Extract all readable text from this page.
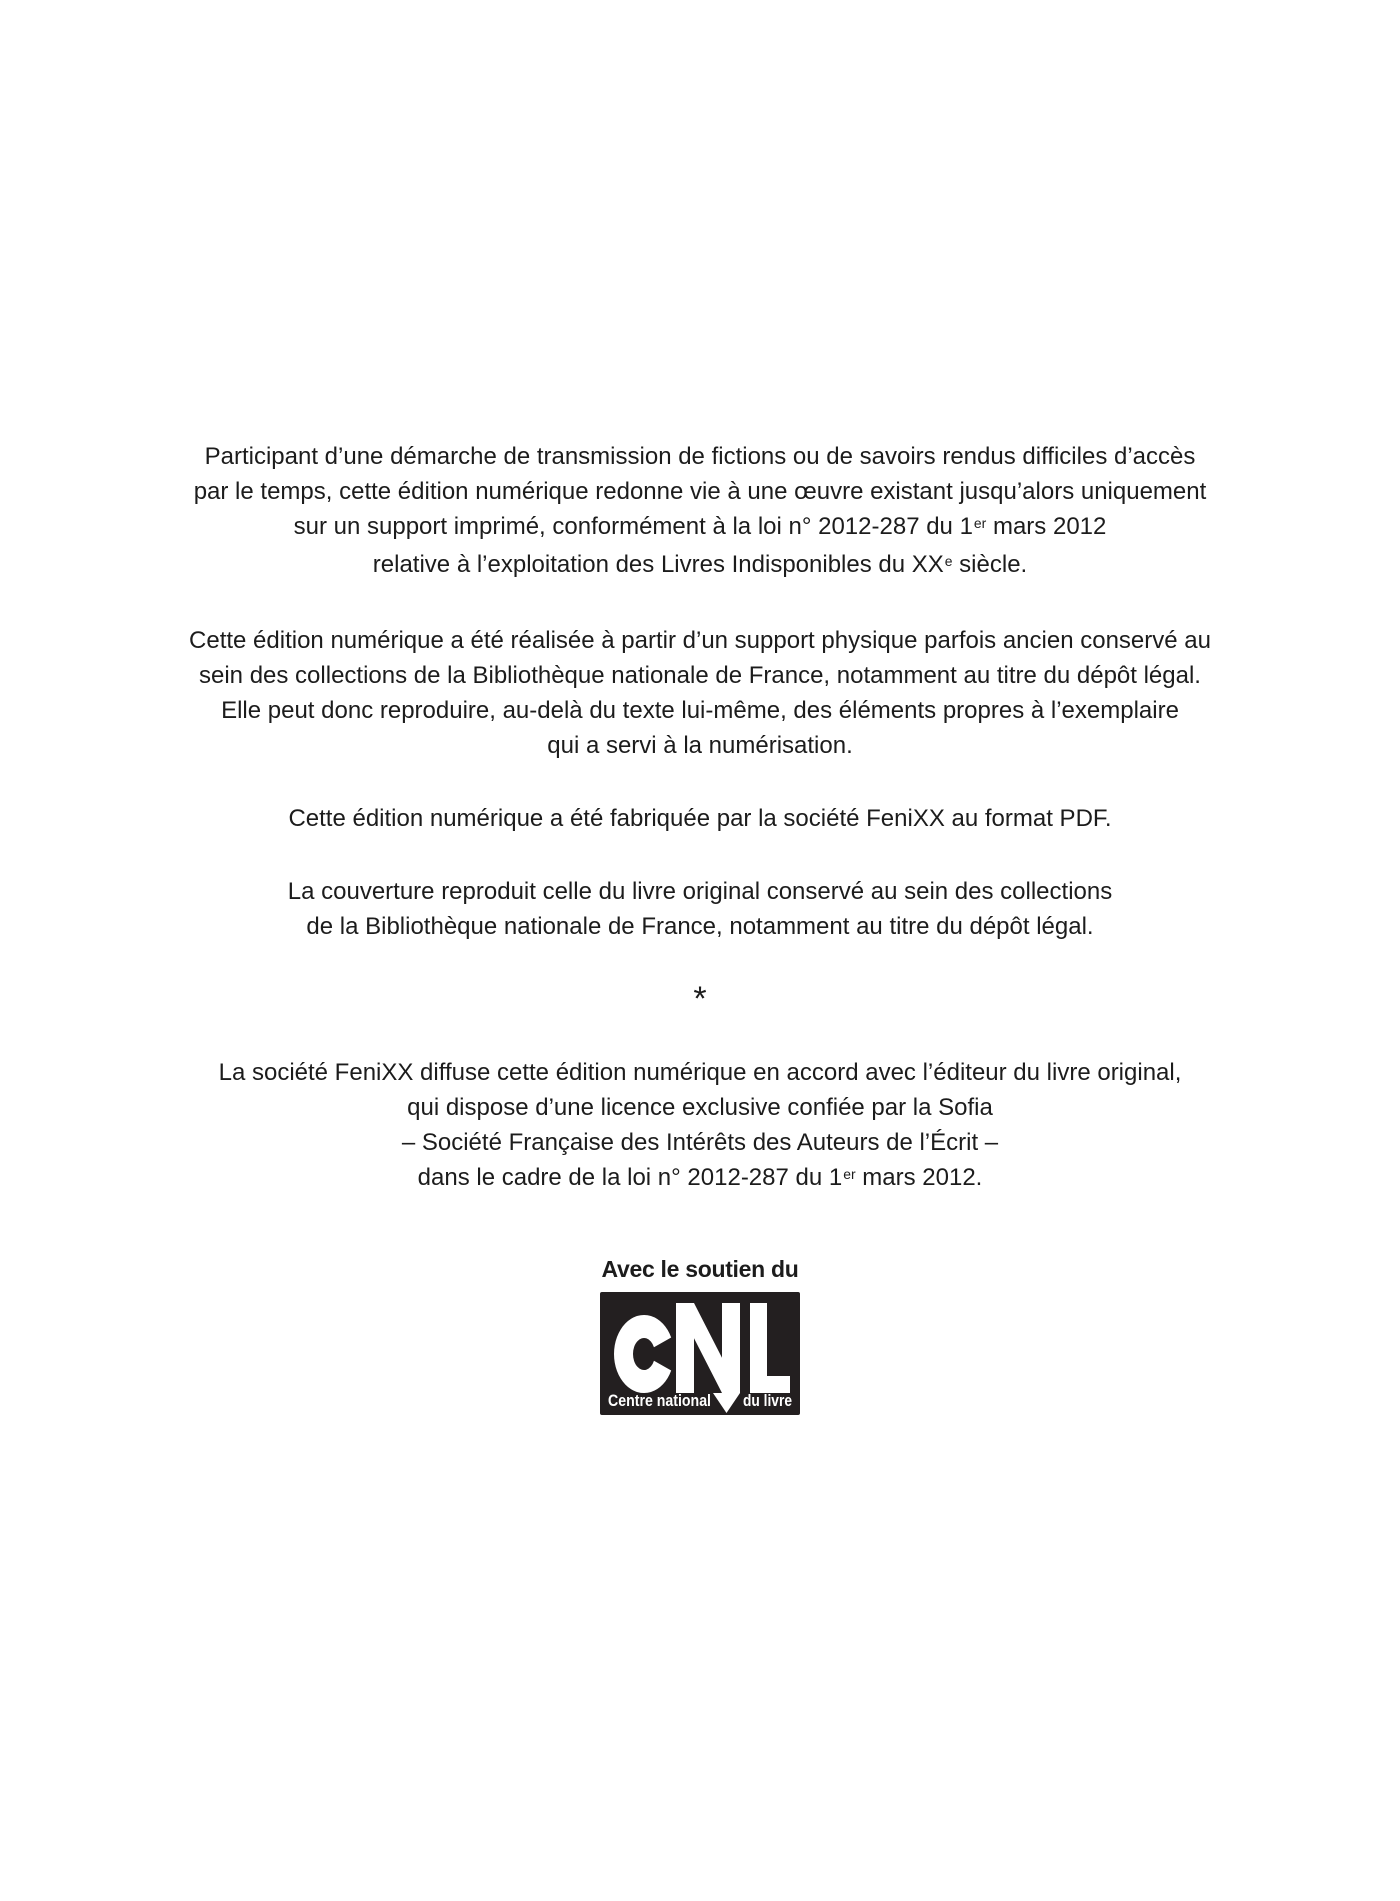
Participant d’une démarche de transmission de fictions ou de savoirs rendus difficiles d’accès
par le temps, cette édition numérique redonne vie à une œuvre existant jusqu’alors uniquement
sur un support imprimé, conformément à la loi n° 2012-287 du 1er mars 2012
relative à l’exploitation des Livres Indisponibles du XXe siècle.

Cette édition numérique a été réalisée à partir d’un support physique parfois ancien conservé au
sein des collections de la Bibliothèque nationale de France, notamment au titre du dépôt légal.
Elle peut donc reproduire, au-delà du texte lui-même, des éléments propres à l’exemplaire
qui a servi à la numérisation.

Cette édition numérique a été fabriquée par la société FeniXX au format PDF.

La couverture reproduit celle du livre original conservé au sein des collections
de la Bibliothèque nationale de France, notamment au titre du dépôt légal.

*

La société FeniXX diffuse cette édition numérique en accord avec l’éditeur du livre original,
qui dispose d’une licence exclusive confiée par la Sofia
– Société Française des Intérêts des Auteurs de l’Écrit –
dans le cadre de la loi n° 2012-287 du 1er mars 2012.

Avec le soutien du
Centre national du livre
